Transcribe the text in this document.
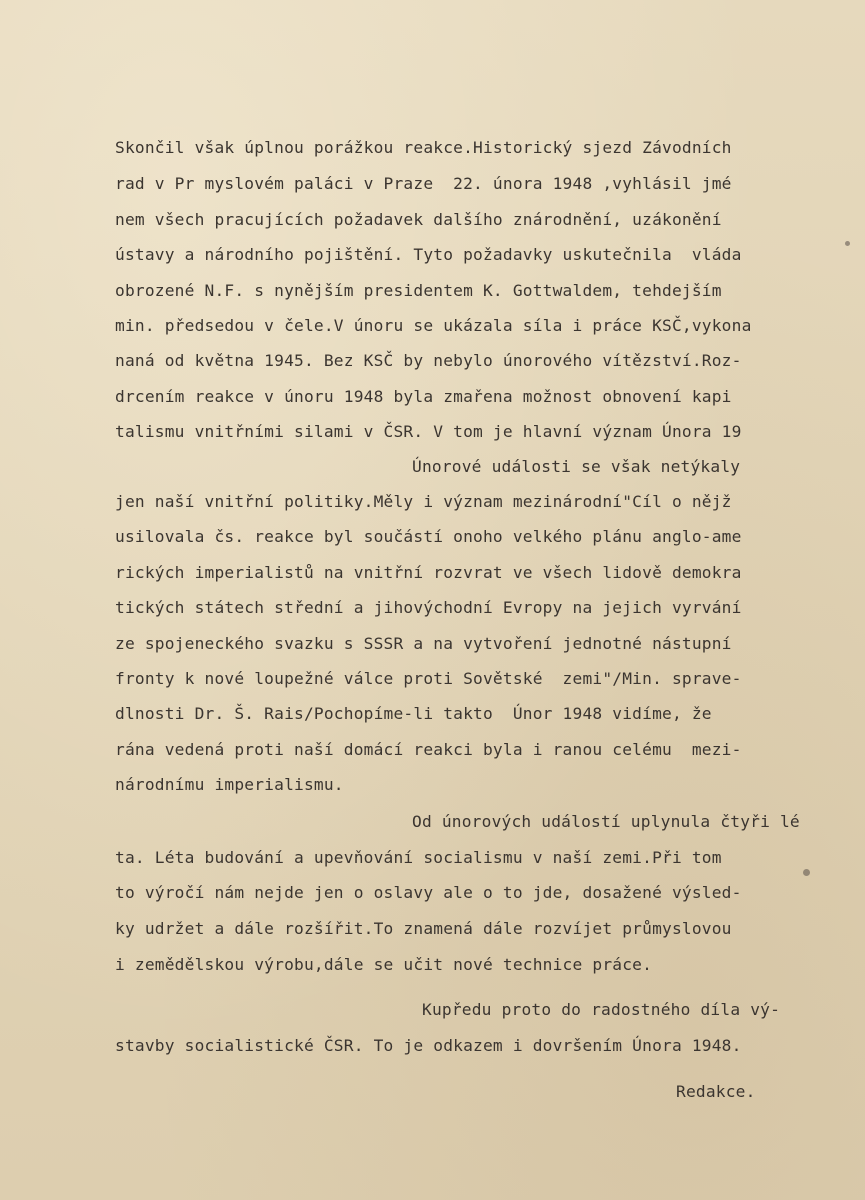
Skončil však úplnou porážkou reakce.Historický sjezd Závodních
rad v Pr myslovém paláci v Praze  22. února 1948 ,vyhlásil jmé
nem všech pracujících požadavek dalšího znárodnění, uzákonění
ústavy a národního pojištění. Tyto požadavky uskutečnila  vláda
obrozené N.F. s nynějším presidentem K. Gottwaldem, tehdejším
min. předsedou v čele.V únoru se ukázala síla i práce KSČ,vykona
naná od května 1945. Bez KSČ by nebylo únorového vítězství.Roz-
drcením reakce v únoru 1948 byla zmařena možnost obnovení kapi
talismu vnitřními silami v ČSR. V tom je hlavní význam Února 19
Únorové události se však netýkaly
jen naší vnitřní politiky.Měly i význam mezinárodní"Cíl o nějž
usilovala čs. reakce byl součástí onoho velkého plánu anglo-ame
rických imperialistů na vnitřní rozvrat ve všech lidově demokra
tických státech střední a jihovýchodní Evropy na jejich vyrvání
ze spojeneckého svazku s SSSR a na vytvoření jednotné nástupní
fronty k nové loupežné válce proti Sovětské  zemi"/Min. sprave-
dlnosti Dr. Š. Rais/Pochopíme-li takto  Únor 1948 vidíme, že
rána vedená proti naší domácí reakci byla i ranou celému  mezi-
národnímu imperialismu.
Od únorových událostí uplynula čtyři lé
ta. Léta budování a upevňování socialismu v naší zemi.Při tom
to výročí nám nejde jen o oslavy ale o to jde, dosažené výsled-
ky udržet a dále rozšířit.To znamená dále rozvíjet průmyslovou
i zemědělskou výrobu,dále se učit nové technice práce.
Kupředu proto do radostného díla vý-
stavby socialistické ČSR. To je odkazem i dovršením Února 1948.
Redakce.
